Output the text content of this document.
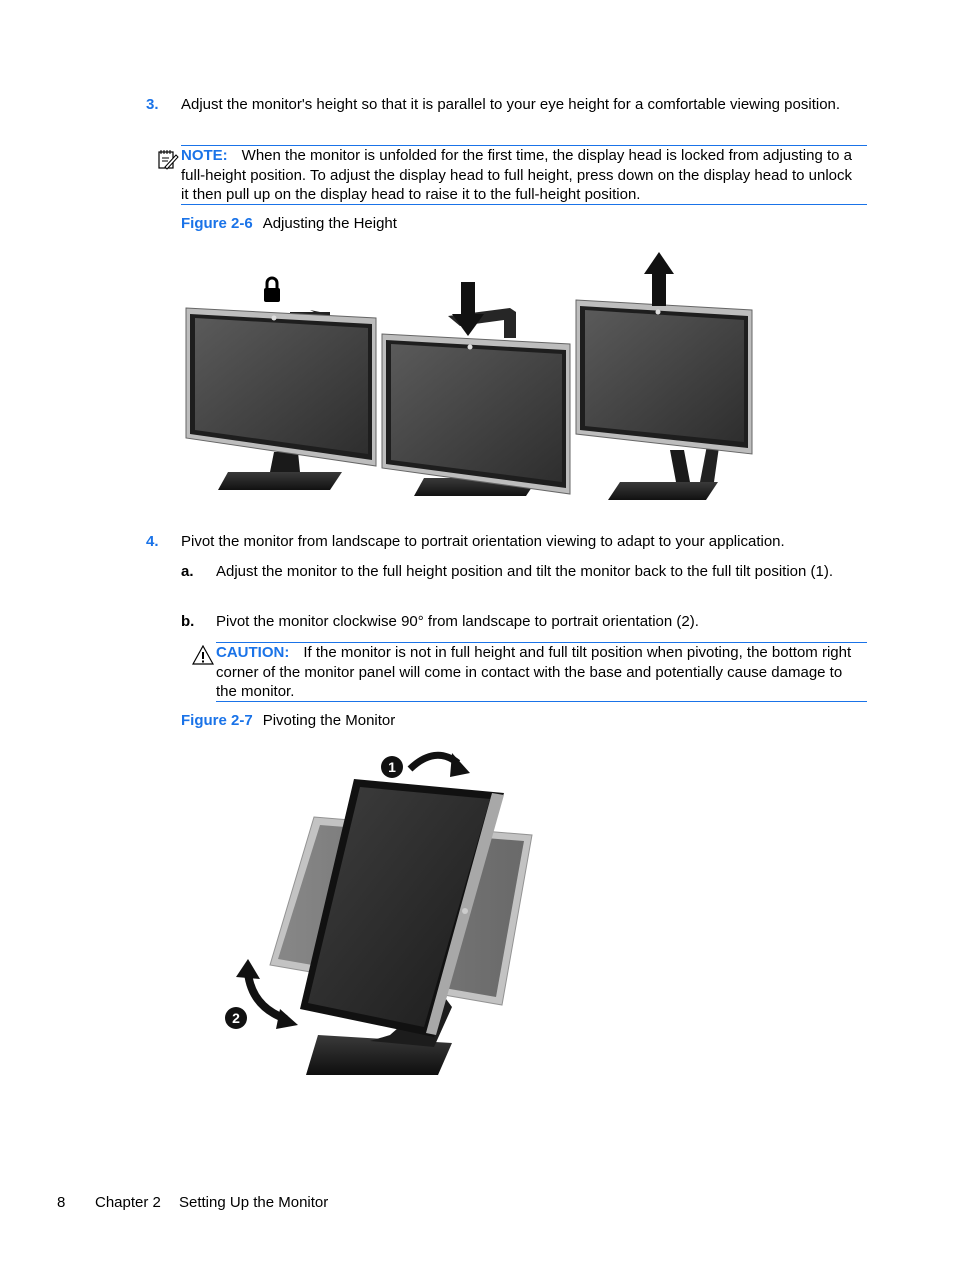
3. Adjust the monitor's height so that it is parallel to your eye height for a comfortable viewing position.
NOTE: When the monitor is unfolded for the first time, the display head is locked from adjusting to a full-height position. To adjust the display head to full height, press down on the display head to unlock it then pull up on the display head to raise it to the full-height position.
Figure 2-6 Adjusting the Height
4. Pivot the monitor from landscape to portrait orientation viewing to adapt to your application.
a. Adjust the monitor to the full height position and tilt the monitor back to the full tilt position (1).
b. Pivot the monitor clockwise 90° from landscape to portrait orientation (2).
CAUTION: If the monitor is not in full height and full tilt position when pivoting, the bottom right corner of the monitor panel will come in contact with the base and potentially cause damage to the monitor.
Figure 2-7 Pivoting the Monitor
1
2
8 Chapter 2 Setting Up the Monitor
